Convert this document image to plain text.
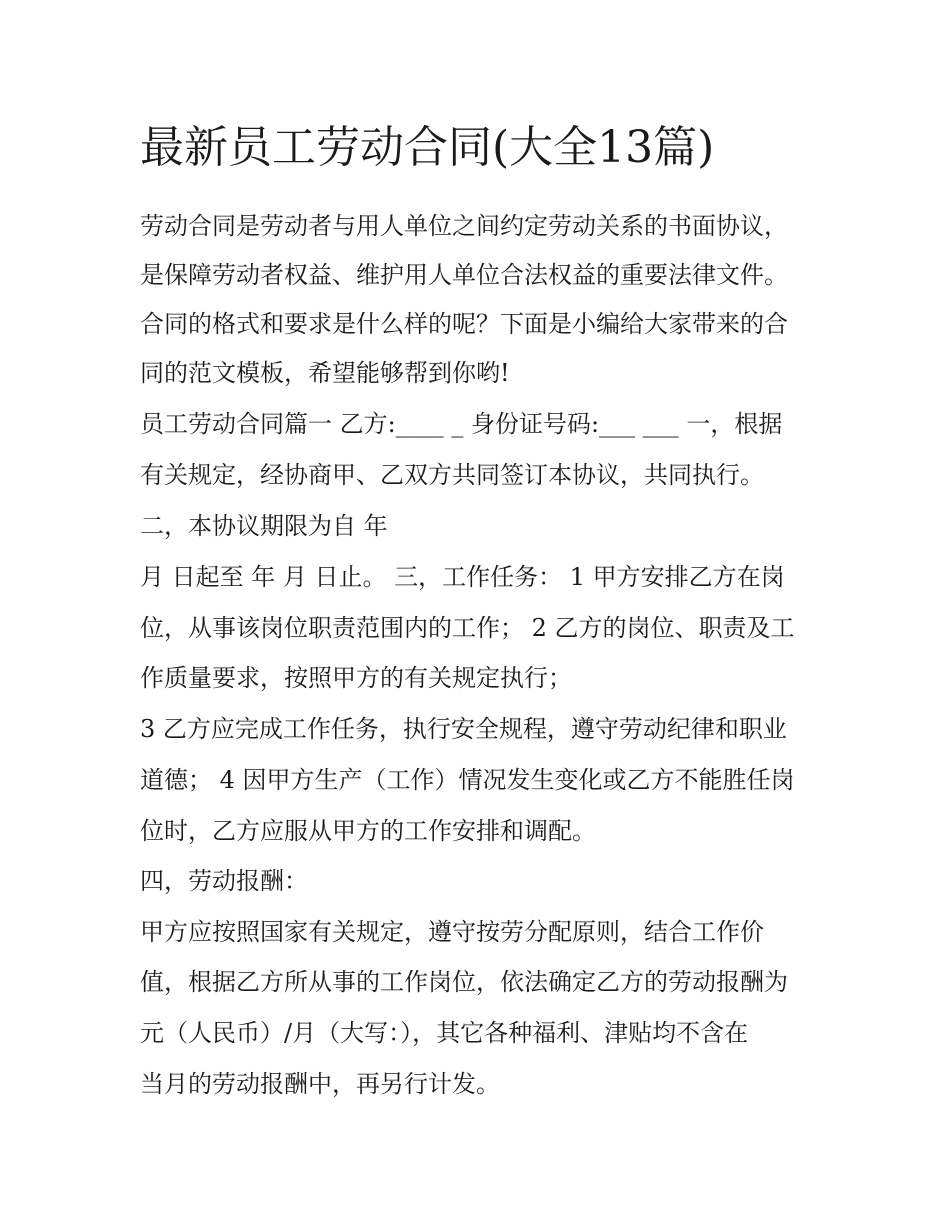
最新员工劳动合同(大全13篇)

劳动合同是劳动者与用人单位之间约定劳动关系的书面协议，

是保障劳动者权益、维护用人单位合法权益的重要法律文件。

合同的格式和要求是什么样的呢？下面是小编给大家带来的合

同的范文模板，希望能够帮到你哟!

员工劳动合同篇一 乙方:____ _ 身份证号码:___ ___ 一，根据

有关规定，经协商甲、乙双方共同签订本协议，共同执行。

二，本协议期限为自 年

月 日起至 年 月 日止。 三，工作任务： 1 甲方安排乙方在岗

位，从事该岗位职责范围内的工作； 2 乙方的岗位、职责及工

作质量要求，按照甲方的有关规定执行；

3 乙方应完成工作任务，执行安全规程，遵守劳动纪律和职业

道德； 4 因甲方生产（工作）情况发生变化或乙方不能胜任岗

位时，乙方应服从甲方的工作安排和调配。

四，劳动报酬：

甲方应按照国家有关规定，遵守按劳分配原则，结合工作价

值，根据乙方所从事的工作岗位，依法确定乙方的劳动报酬为

元（人民币）/月（大写：），其它各种福利、津贴均不含在

当月的劳动报酬中，再另行计发。
